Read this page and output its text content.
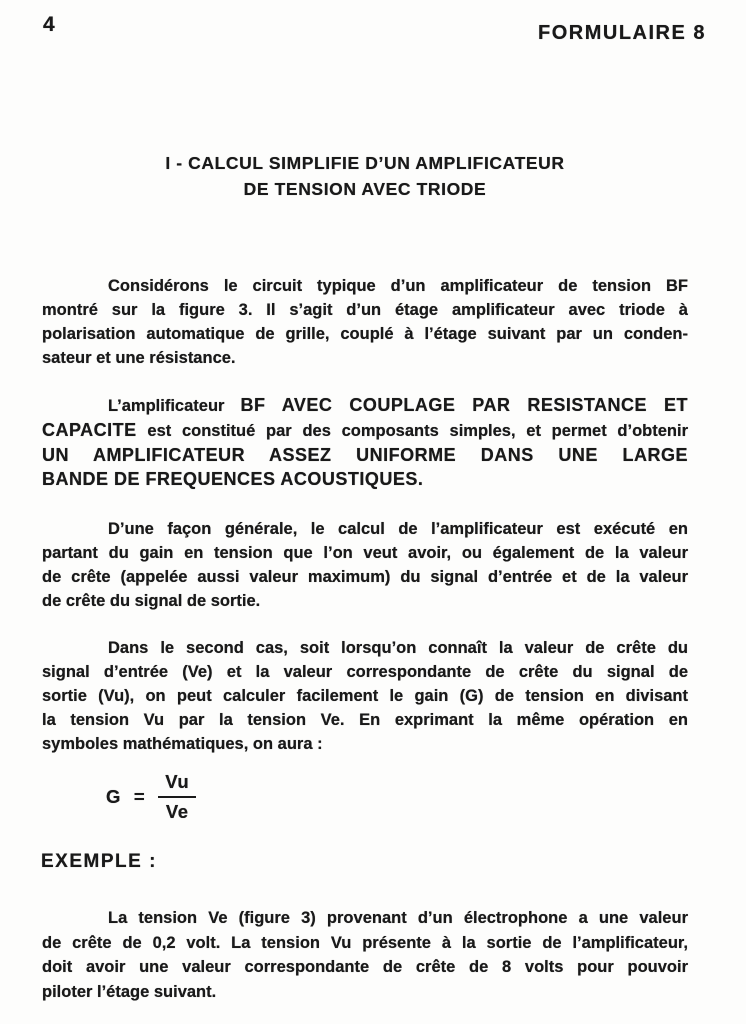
4	FORMULAIRE 8
I - CALCUL SIMPLIFIE D’UN AMPLIFICATEUR
DE TENSION AVEC TRIODE
Considérons le circuit typique d’un amplificateur de tension BF
montré sur la figure 3. Il s’agit d’un étage amplificateur avec triode à
polarisation automatique de grille, couplé à l’étage suivant par un conden-
sateur et une résistance.
L’amplificateur BF AVEC COUPLAGE PAR RESISTANCE ET
CAPACITE est constitué par des composants simples, et permet d’obtenir
UN AMPLIFICATEUR ASSEZ UNIFORME DANS UNE LARGE
BANDE DE FREQUENCES ACOUSTIQUES.
D’une façon générale, le calcul de l’amplificateur est exécuté en
partant du gain en tension que l’on veut avoir, ou également de la valeur
de crête (appelée aussi valeur maximum) du signal d’entrée et de la valeur
de crête du signal de sortie.
Dans le second cas, soit lorsqu’on connaît la valeur de crête du
signal d’entrée (Ve) et la valeur correspondante de crête du signal de
sortie (Vu), on peut calculer facilement le gain (G) de tension en divisant
la tension Vu par la tension Ve. En exprimant la même opération en
symboles mathématiques, on aura :
$G = \frac{Vu}{Ve}$
EXEMPLE :
La tension Ve (figure 3) provenant d’un électrophone a une valeur
de crête de 0,2 volt. La tension Vu présente à la sortie de l’amplificateur,
doit avoir une valeur correspondante de crête de 8 volts pour pouvoir
piloter l’étage suivant.
